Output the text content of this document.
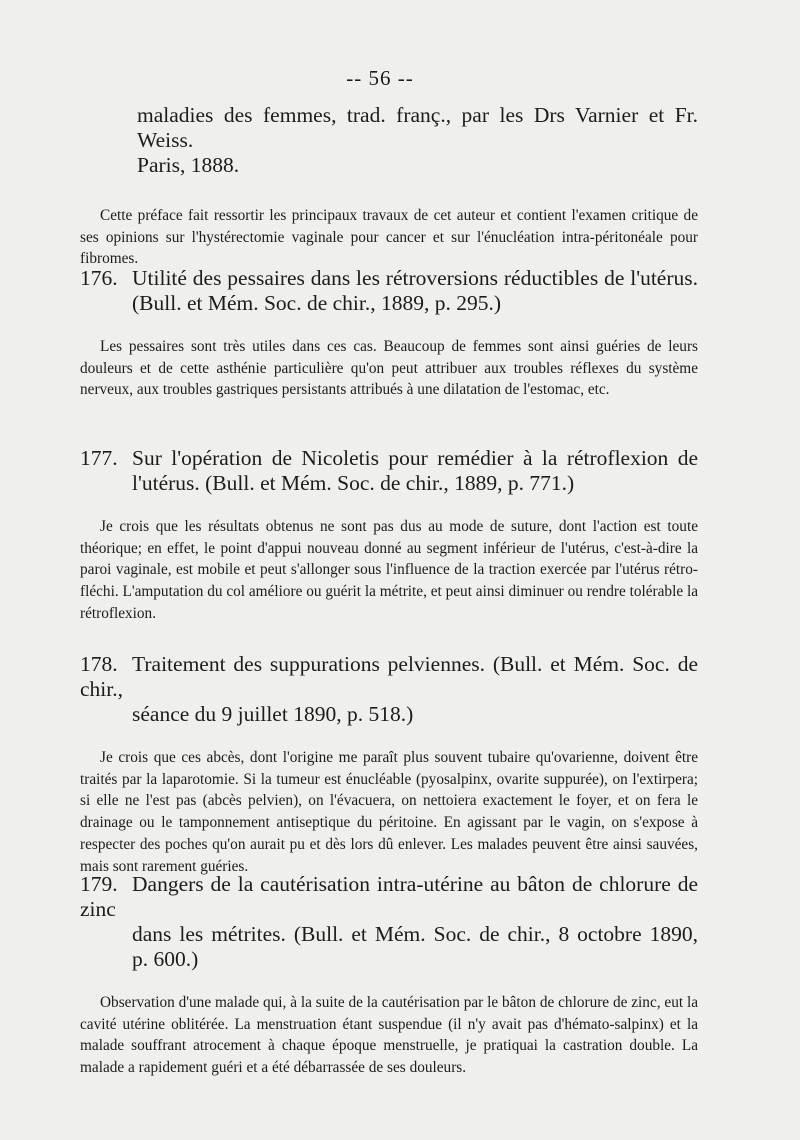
-- 56 --
maladies des femmes, trad. franç., par les Drs Varnier et Fr. Weiss.
Paris, 1888.

Cette préface fait ressortir les principaux travaux de cet auteur et contient l'examen critique de ses opinions sur l'hystérectomie vaginale pour cancer et sur l'énucléation intra-péritonéale pour fibromes.

176. Utilité des pessaires dans les rétroversions réductibles de l'utérus.
(Bull. et Mém. Soc. de chir., 1889, p. 295.)

Les pessaires sont très utiles dans ces cas. Beaucoup de femmes sont ainsi guéries de leurs douleurs et de cette asthénie particulière qu'on peut attribuer aux troubles réflexes du système nerveux, aux troubles gastriques persistants attribués à une dilatation de l'estomac, etc.

177. Sur l'opération de Nicoletis pour remédier à la rétroflexion de
l'utérus. (Bull. et Mém. Soc. de chir., 1889, p. 771.)

Je crois que les résultats obtenus ne sont pas dus au mode de suture, dont l'action est toute théorique; en effet, le point d'appui nouveau donné au segment inférieur de l'utérus, c'est-à-dire la paroi vaginale, est mobile et peut s'allonger sous l'influence de la traction exercée par l'utérus rétro-fléchi. L'amputation du col améliore ou guérit la métrite, et peut ainsi diminuer ou rendre tolérable la rétroflexion.

178. Traitement des suppurations pelviennes. (Bull. et Mém. Soc. de chir.,
séance du 9 juillet 1890, p. 518.)

Je crois que ces abcès, dont l'origine me paraît plus souvent tubaire qu'ovarienne, doivent être traités par la laparotomie. Si la tumeur est énucléable (pyosalpinx, ovarite suppurée), on l'extirpera; si elle ne l'est pas (abcès pelvien), on l'évacuera, on nettoiera exactement le foyer, et on fera le drainage ou le tamponnement antiseptique du péritoine. En agissant par le vagin, on s'expose à respecter des poches qu'on aurait pu et dès lors dû enlever. Les malades peuvent être ainsi sauvées, mais sont rarement guéries.

179. Dangers de la cautérisation intra-utérine au bâton de chlorure de zinc
dans les métrites. (Bull. et Mém. Soc. de chir., 8 octobre 1890,
p. 600.)

Observation d'une malade qui, à la suite de la cautérisation par le bâton de chlorure de zinc, eut la cavité utérine oblitérée. La menstruation étant suspendue (il n'y avait pas d'hémato-salpinx) et la malade souffrant atrocement à chaque époque menstruelle, je pratiquai la castration double. La malade a rapidement guéri et a été débarrassée de ses douleurs.
